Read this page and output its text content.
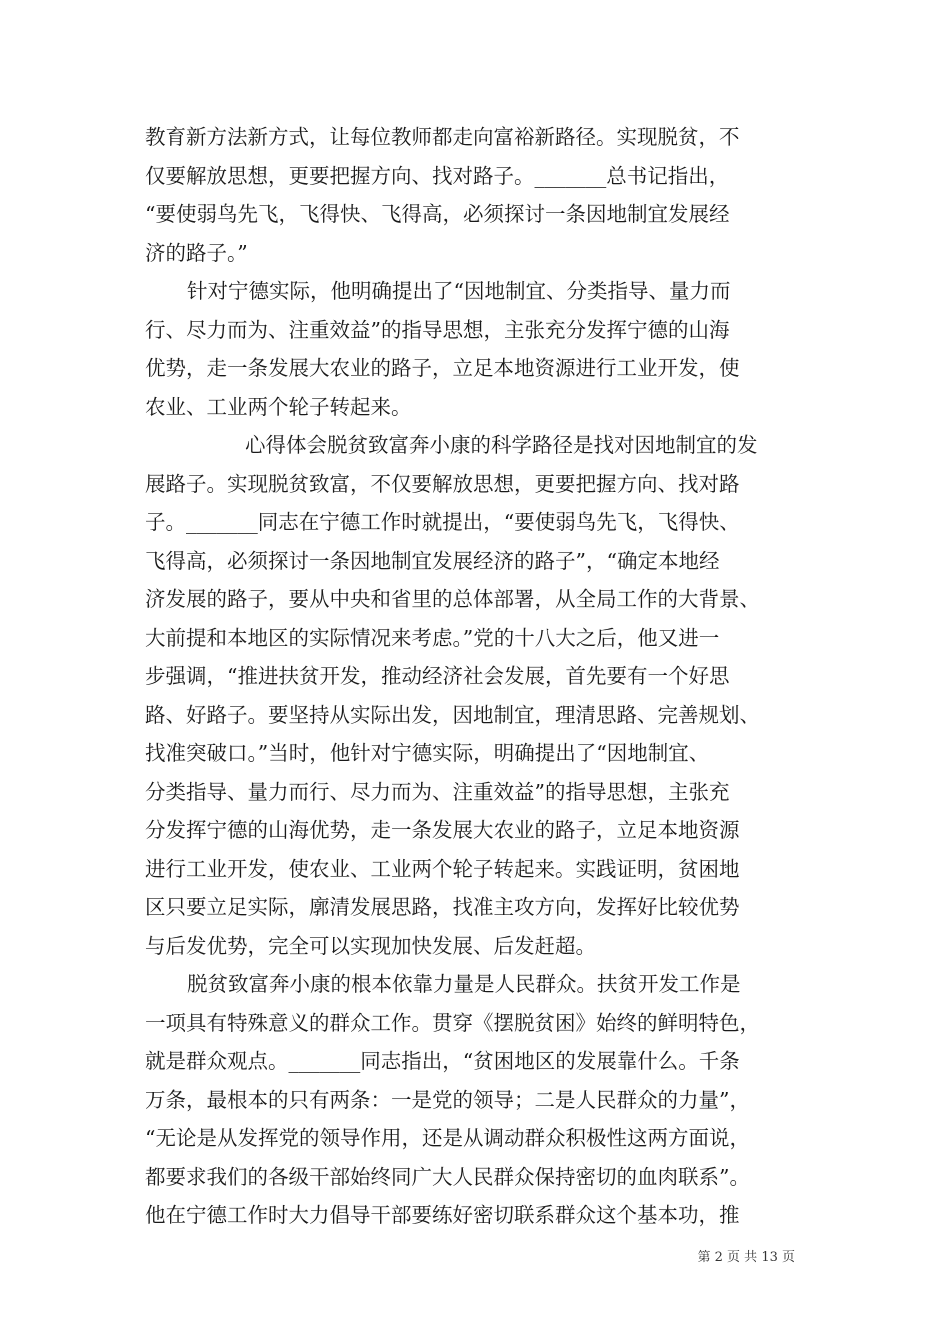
教育新方法新方式，让每位教师都走向富裕新路径。实现脱贫，不
仅要解放思想，更要把握方向、找对路子。_______总书记指出，
“要使弱鸟先飞，飞得快、飞得高，必须探讨一条因地制宜发展经
济的路子。”
针对宁德实际，他明确提出了“因地制宜、分类指导、量力而
行、尽力而为、注重效益”的指导思想，主张充分发挥宁德的山海
优势，走一条发展大农业的路子，立足本地资源进行工业开发，使
农业、工业两个轮子转起来。
心得体会脱贫致富奔小康的科学路径是找对因地制宜的发
展路子。实现脱贫致富，不仅要解放思想，更要把握方向、找对路
子。_______同志在宁德工作时就提出，“要使弱鸟先飞，飞得快、
飞得高，必须探讨一条因地制宜发展经济的路子”，“确定本地经
济发展的路子，要从中央和省里的总体部署，从全局工作的大背景、
大前提和本地区的实际情况来考虑。”党的十八大之后，他又进一
步强调，“推进扶贫开发，推动经济社会发展，首先要有一个好思
路、好路子。要坚持从实际出发，因地制宜，理清思路、完善规划、
找准突破口。”当时，他针对宁德实际，明确提出了“因地制宜、
分类指导、量力而行、尽力而为、注重效益”的指导思想，主张充
分发挥宁德的山海优势，走一条发展大农业的路子，立足本地资源
进行工业开发，使农业、工业两个轮子转起来。实践证明，贫困地
区只要立足实际，廓清发展思路，找准主攻方向，发挥好比较优势
与后发优势，完全可以实现加快发展、后发赶超。
脱贫致富奔小康的根本依靠力量是人民群众。扶贫开发工作是
一项具有特殊意义的群众工作。贯穿《摆脱贫困》始终的鲜明特色，
就是群众观点。_______同志指出，“贫困地区的发展靠什么。千条
万条，最根本的只有两条：一是党的领导；二是人民群众的力量”，
“无论是从发挥党的领导作用，还是从调动群众积极性这两方面说，
都要求我们的各级干部始终同广大人民群众保持密切的血肉联系”。
他在宁德工作时大力倡导干部要练好密切联系群众这个基本功，推
第 2 页 共 13 页
